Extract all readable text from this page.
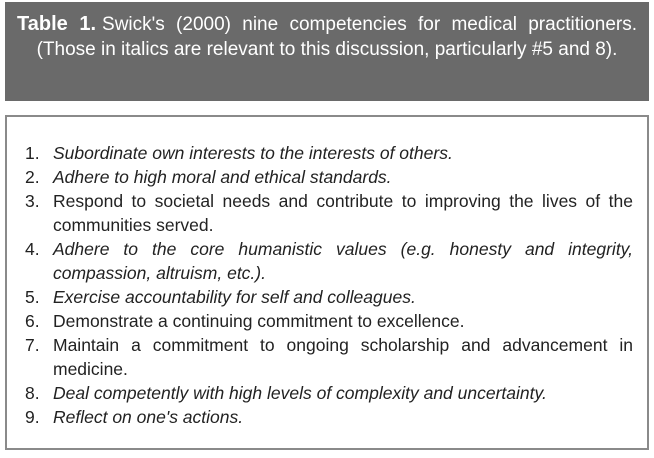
Table 1. Swick's (2000) nine competencies for medical practitioners. (Those in italics are relevant to this discussion, particularly #5 and 8).
1. Subordinate own interests to the interests of others.
2. Adhere to high moral and ethical standards.
3. Respond to societal needs and contribute to improving the lives of the communities served.
4. Adhere to the core humanistic values (e.g. honesty and integrity, compassion, altruism, etc.).
5. Exercise accountability for self and colleagues.
6. Demonstrate a continuing commitment to excellence.
7. Maintain a commitment to ongoing scholarship and advancement in medicine.
8. Deal competently with high levels of complexity and uncertainty.
9. Reflect on one's actions.
